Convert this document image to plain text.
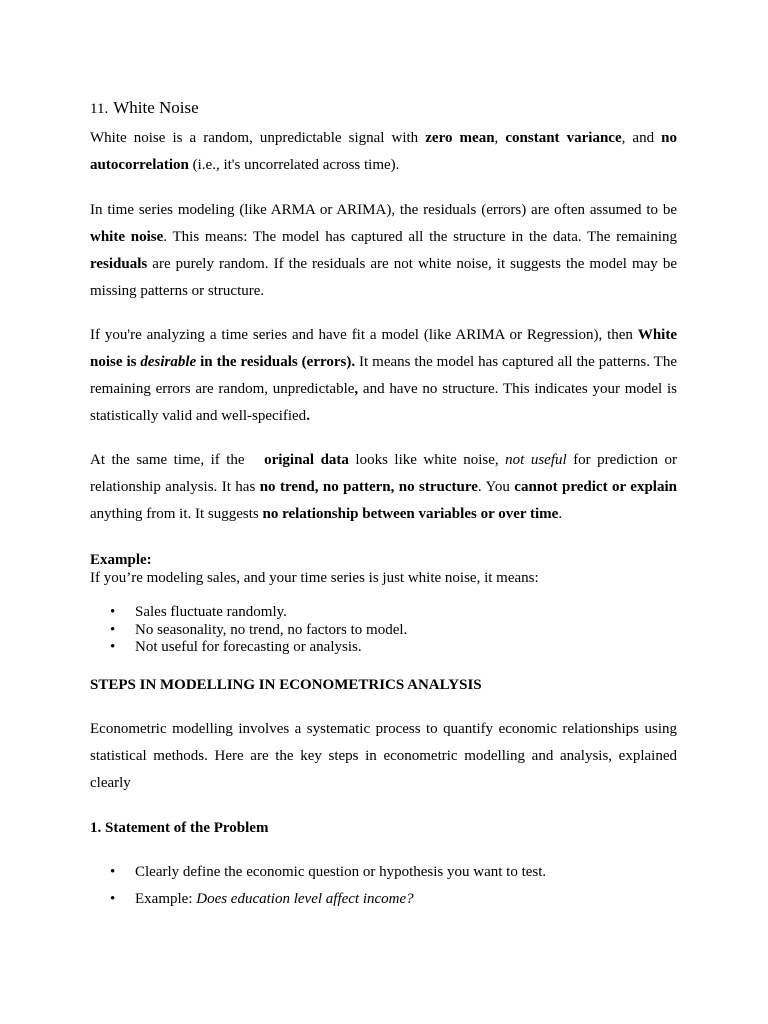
11. White Noise

White noise is a random, unpredictable signal with zero mean, constant variance, and no autocorrelation (i.e., it's uncorrelated across time).

In time series modeling (like ARMA or ARIMA), the residuals (errors) are often assumed to be white noise. This means: The model has captured all the structure in the data. The remaining residuals are purely random. If the residuals are not white noise, it suggests the model may be missing patterns or structure.

If you're analyzing a time series and have fit a model (like ARIMA or Regression), then White noise is desirable in the residuals (errors). It means the model has captured all the patterns. The remaining errors are random, unpredictable, and have no structure. This indicates your model is statistically valid and well-specified.

At the same time, if the   original data looks like white noise, not useful for prediction or relationship analysis. It has no trend, no pattern, no structure. You cannot predict or explain anything from it. It suggests no relationship between variables or over time.

Example:
If you’re modeling sales, and your time series is just white noise, it means:
• Sales fluctuate randomly.
• No seasonality, no trend, no factors to model.
• Not useful for forecasting or analysis.
STEPS IN MODELLING IN ECONOMETRICS ANALYSIS

Econometric modelling involves a systematic process to quantify economic relationships using statistical methods. Here are the key steps in econometric modelling and analysis, explained clearly

1. Statement of the Problem
• Clearly define the economic question or hypothesis you want to test.
• Example: Does education level affect income?
